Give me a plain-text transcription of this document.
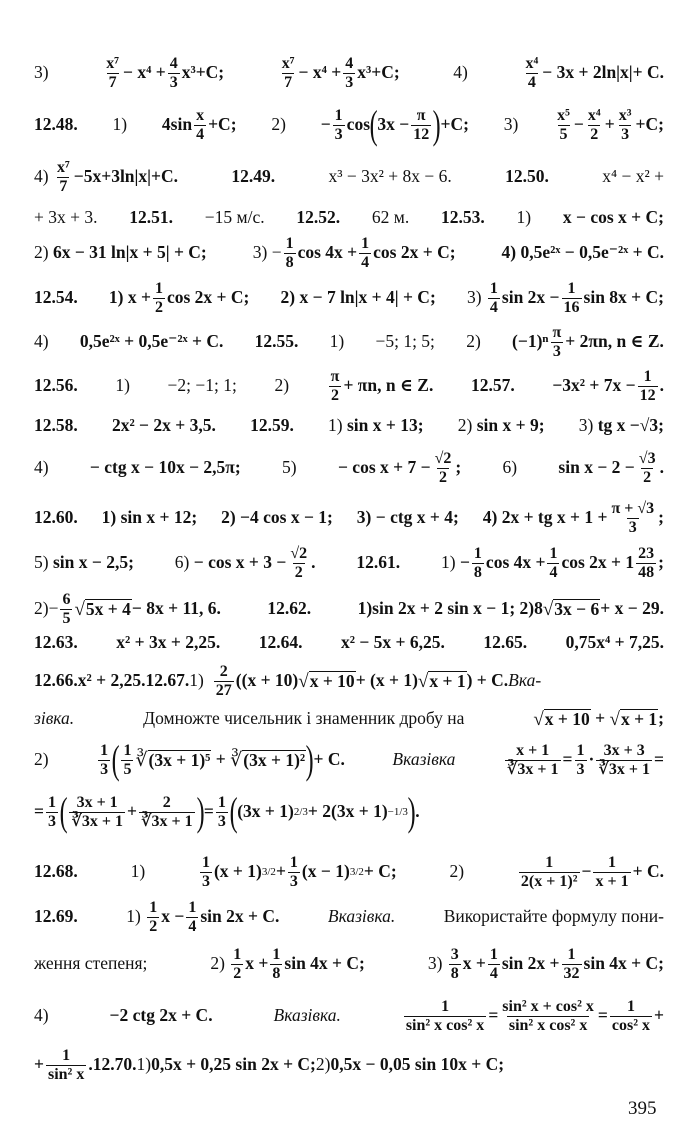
3)	x⁷
$7 - x^4 + \frac{4}{3} x^3 +C$;	x⁷
$7 - x^4 + \frac{4}{3} x^3 +C$;	4)	x⁴
4 − 3x + 2ln|x|+ C.
12.48. 1) 4sin x
4 +C; $2) - \frac{1}{3}$ cos ( $3x - \frac{\pi}{12}$ ) +C; 3) x⁵
$5 - \frac{\text{x⁴}}{2} + \frac{\text{x³}}{3} +C$;
4)
x⁷
7 −5x+3ln|x|+C.	12.49.	x³ − 3x² + 8x − 6.	12.50.	x⁴ − x² +
+ 3x + 3. 12.51. −15 м/с. 12.52. 62 м. 12.53. 1) x − cos x + C;
2)
6x − 31 ln|x + 5| + C;	$3) - \frac{1}{8}$ $\cos 4x + \frac{1}{4}$ cos 2x + C;	4) 0,5e²ˣ − 0,5e⁻²ˣ + C.
12.54. 1) $x + \frac{1}{2}$ cos 2x + C; 2) x − 7 ln|x + 4| + C; 3)
1
4 $\sin 2x - \frac{1}{16}$ sin 8x + C;
4) 0,5e²ˣ + 0,5e⁻²ˣ + C. 12.55. 1) −5; 1; 5; 2) (−1)ⁿ π
3 + 2πn, n ∈ Z.
12.56. 1) −2; −1; 1; 2)	π
2 + πn, n ∈ Z. 12.57. $-3x^2 + 7x - \frac{1}{12}$ .
12.58. 2x² − 2x + 3,5. 12.59. 1)
sin x + 13; 2)
sin x + 9; 3)
tg x − √3 ;
4) − ctg x − 10x − 2,5π; $5) - \cos x + 7 - \frac{√2}{2}$ ; 6) $\sin x - 2 - \frac{√3}{2}$ .
12.60. 1) sin x + 12; 2) −4 cos x − 1; 3) − ctg x + 4; 4) 2x + tg $x + 1 + \frac{\pi + √3}{3}$ ;
5)
sin x − 2,5; 6)
− $\cos x + 3 - \frac{√2}{2}$ . 12.61. 1)
− $\frac{1}{8}$ $\cos 4x + \frac{1}{4}$ cos 2x + 1 23
48 ;
$2)- \frac{6}{5}$ √ 5x + 4 − 8x + 11, 6.	12.62.	1)sin 2x + 2 sin x − 1; 2)8 √ 3x − 6 + x − 29.
12.63. x² + 3x + 2,25. 12.64. x² − 5x + 6,25. 12.65. 0,75x⁴ + 7,25.
12.66. x² + 2,25. 12.67. 1) 2
27 ((x + 10) √ x + 10 + (x + 1) √ x + 1 ) + C. Вка-
зівка.	Домножте чисельник і знаменник дробу на	√ x + 10 + √ x + 1 ;
2)	1
3 ( 1
5 ∛ (3x + 1)⁵ + ∛ (3x + 1)² ) + C.	Вказівка	$\frac{x + 1}{∛3x + 1} = \frac{1}{3} \cdot \frac{3x + 3}{∛3x + 1}$ =
= $\frac{1}{3}$ ( 3x + 1
∛3x + $1 + \frac{2}{∛3x + 1}$ ) = $\frac{1}{3}$ ( (3x + 1) 2/3 + 2(3x + 1) −1/3 ) .
12.68.	1)	1
3 (x + 1) $3/2 + \frac{1}{3} (x - 1) 3/2 + C$;	2)	1
$2(x + 1)^2 - \frac{1}{x + 1} + C$.
12.69.	1)
1
2 $x - \frac{1}{4}$ sin 2x + C.	Вказівка.	Використайте формулу пони-
ження степеня;	2)
1
2 $x + \frac{1}{8}$ sin 4x + C;	3)
3
8 $x + \frac{1}{4}$ $\sin 2x + \frac{1}{32}$ sin 4x + C;
4)	−2 ctg 2x + C.	Вказівка.	$\frac{1}{\text{sin² x cos² x}} = \frac{\text{sin² x + cos² x}}{\text{sin² x cos² x}} = \frac{1}{\text{cos² x}}$ +
+ $\frac{1}{\text{sin² x}}$ . 12.70. 1) 0,5x + 0,25 sin 2x + C; 2) 0,5x − 0,05 sin 10x + C;
395
